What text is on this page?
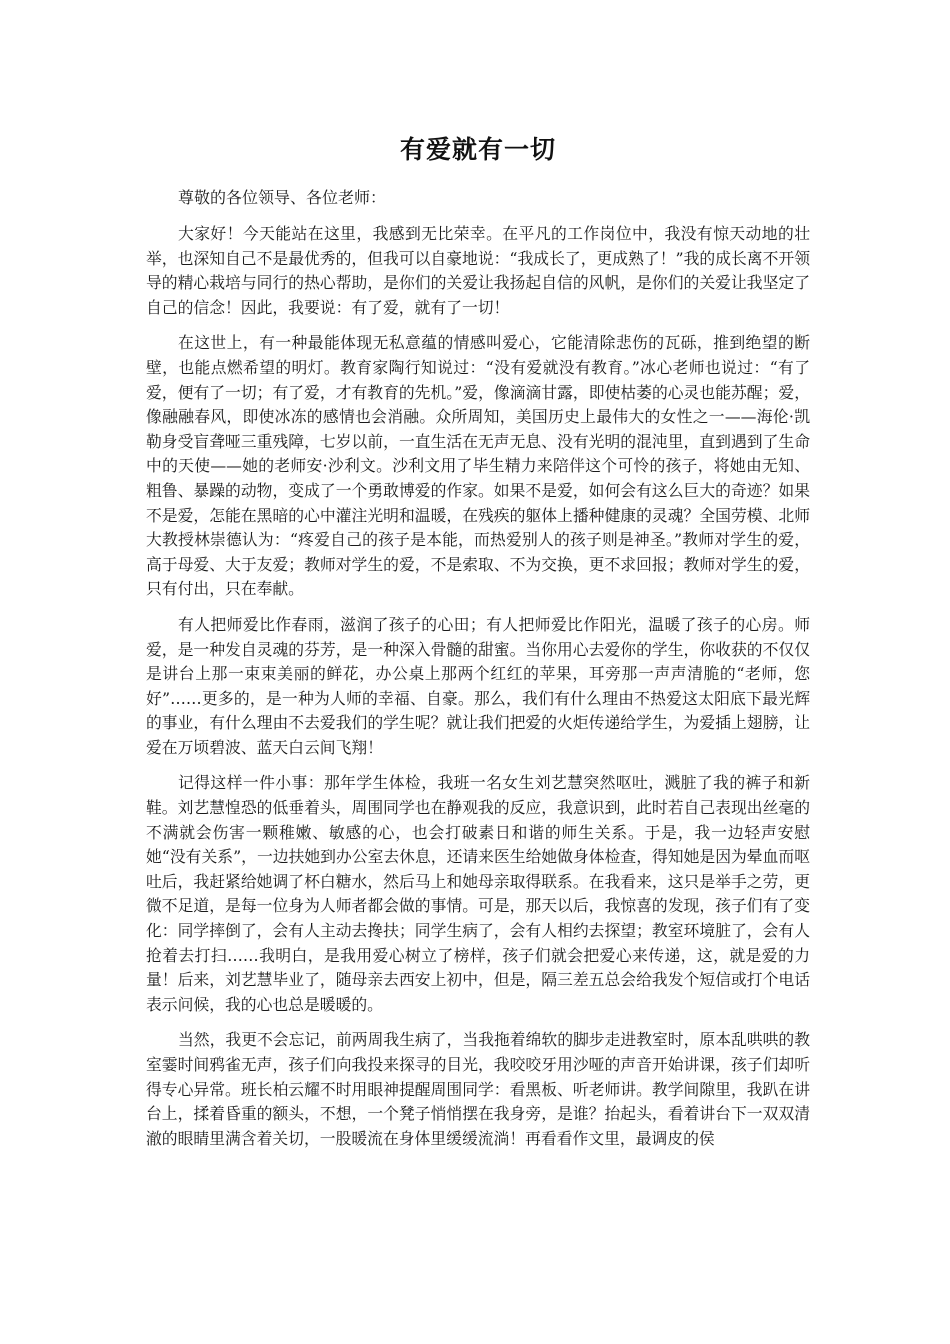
有爱就有一切

尊敬的各位领导、各位老师：

大家好！今天能站在这里，我感到无比荣幸。在平凡的工作岗位中，我没有惊天动地的壮举，也深知自己不是最优秀的，但我可以自豪地说：“我成长了，更成熟了！”我的成长离不开领导的精心栽培与同行的热心帮助，是你们的关爱让我扬起自信的风帆，是你们的关爱让我坚定了自己的信念！因此，我要说：有了爱，就有了一切！

在这世上，有一种最能体现无私意蕴的情感叫爱心，它能清除悲伤的瓦砾，推到绝望的断壁，也能点燃希望的明灯。教育家陶行知说过：“没有爱就没有教育。”冰心老师也说过：“有了爱，便有了一切；有了爱，才有教育的先机。”爱，像滴滴甘露，即使枯萎的心灵也能苏醒；爱，像融融春风，即使冰冻的感情也会消融。众所周知，美国历史上最伟大的女性之一——海伦·凯勒身受盲聋哑三重残障，七岁以前，一直生活在无声无息、没有光明的混沌里，直到遇到了生命中的天使——她的老师安·沙利文。沙利文用了毕生精力来陪伴这个可怜的孩子，将她由无知、粗鲁、暴躁的动物，变成了一个勇敢博爱的作家。如果不是爱，如何会有这么巨大的奇迹？如果不是爱，怎能在黑暗的心中灌注光明和温暖，在残疾的躯体上播种健康的灵魂？全国劳模、北师大教授林崇德认为：“疼爱自己的孩子是本能，而热爱别人的孩子则是神圣。”教师对学生的爱，高于母爱、大于友爱；教师对学生的爱，不是索取、不为交换，更不求回报；教师对学生的爱，只有付出，只在奉献。

有人把师爱比作春雨，滋润了孩子的心田；有人把师爱比作阳光，温暖了孩子的心房。师爱，是一种发自灵魂的芬芳，是一种深入骨髓的甜蜜。当你用心去爱你的学生，你收获的不仅仅是讲台上那一束束美丽的鲜花，办公桌上那两个红红的苹果，耳旁那一声声清脆的“老师，您好”……更多的，是一种为人师的幸福、自豪。那么，我们有什么理由不热爱这太阳底下最光辉的事业，有什么理由不去爱我们的学生呢？就让我们把爱的火炬传递给学生，为爱插上翅膀，让爱在万顷碧波、蓝天白云间飞翔！

记得这样一件小事：那年学生体检，我班一名女生刘艺慧突然呕吐，溅脏了我的裤子和新鞋。刘艺慧惶恐的低垂着头，周围同学也在静观我的反应，我意识到，此时若自己表现出丝毫的不满就会伤害一颗稚嫩、敏感的心，也会打破素日和谐的师生关系。于是，我一边轻声安慰她“没有关系”，一边扶她到办公室去休息，还请来医生给她做身体检查，得知她是因为晕血而呕吐后，我赶紧给她调了杯白糖水，然后马上和她母亲取得联系。在我看来，这只是举手之劳，更微不足道，是每一位身为人师者都会做的事情。可是，那天以后，我惊喜的发现，孩子们有了变化：同学摔倒了，会有人主动去搀扶；同学生病了，会有人相约去探望；教室环境脏了，会有人抢着去打扫……我明白，是我用爱心树立了榜样，孩子们就会把爱心来传递，这，就是爱的力量！后来，刘艺慧毕业了，随母亲去西安上初中，但是，隔三差五总会给我发个短信或打个电话表示问候，我的心也总是暖暖的。

当然，我更不会忘记，前两周我生病了，当我拖着绵软的脚步走进教室时，原本乱哄哄的教室霎时间鸦雀无声，孩子们向我投来探寻的目光，我咬咬牙用沙哑的声音开始讲课，孩子们却听得专心异常。班长柏云耀不时用眼神提醒周围同学：看黑板、听老师讲。教学间隙里，我趴在讲台上，揉着昏重的额头，不想，一个凳子悄悄摆在我身旁，是谁？抬起头，看着讲台下一双双清澈的眼睛里满含着关切，一股暖流在身体里缓缓流淌！再看看作文里，最调皮的侯
